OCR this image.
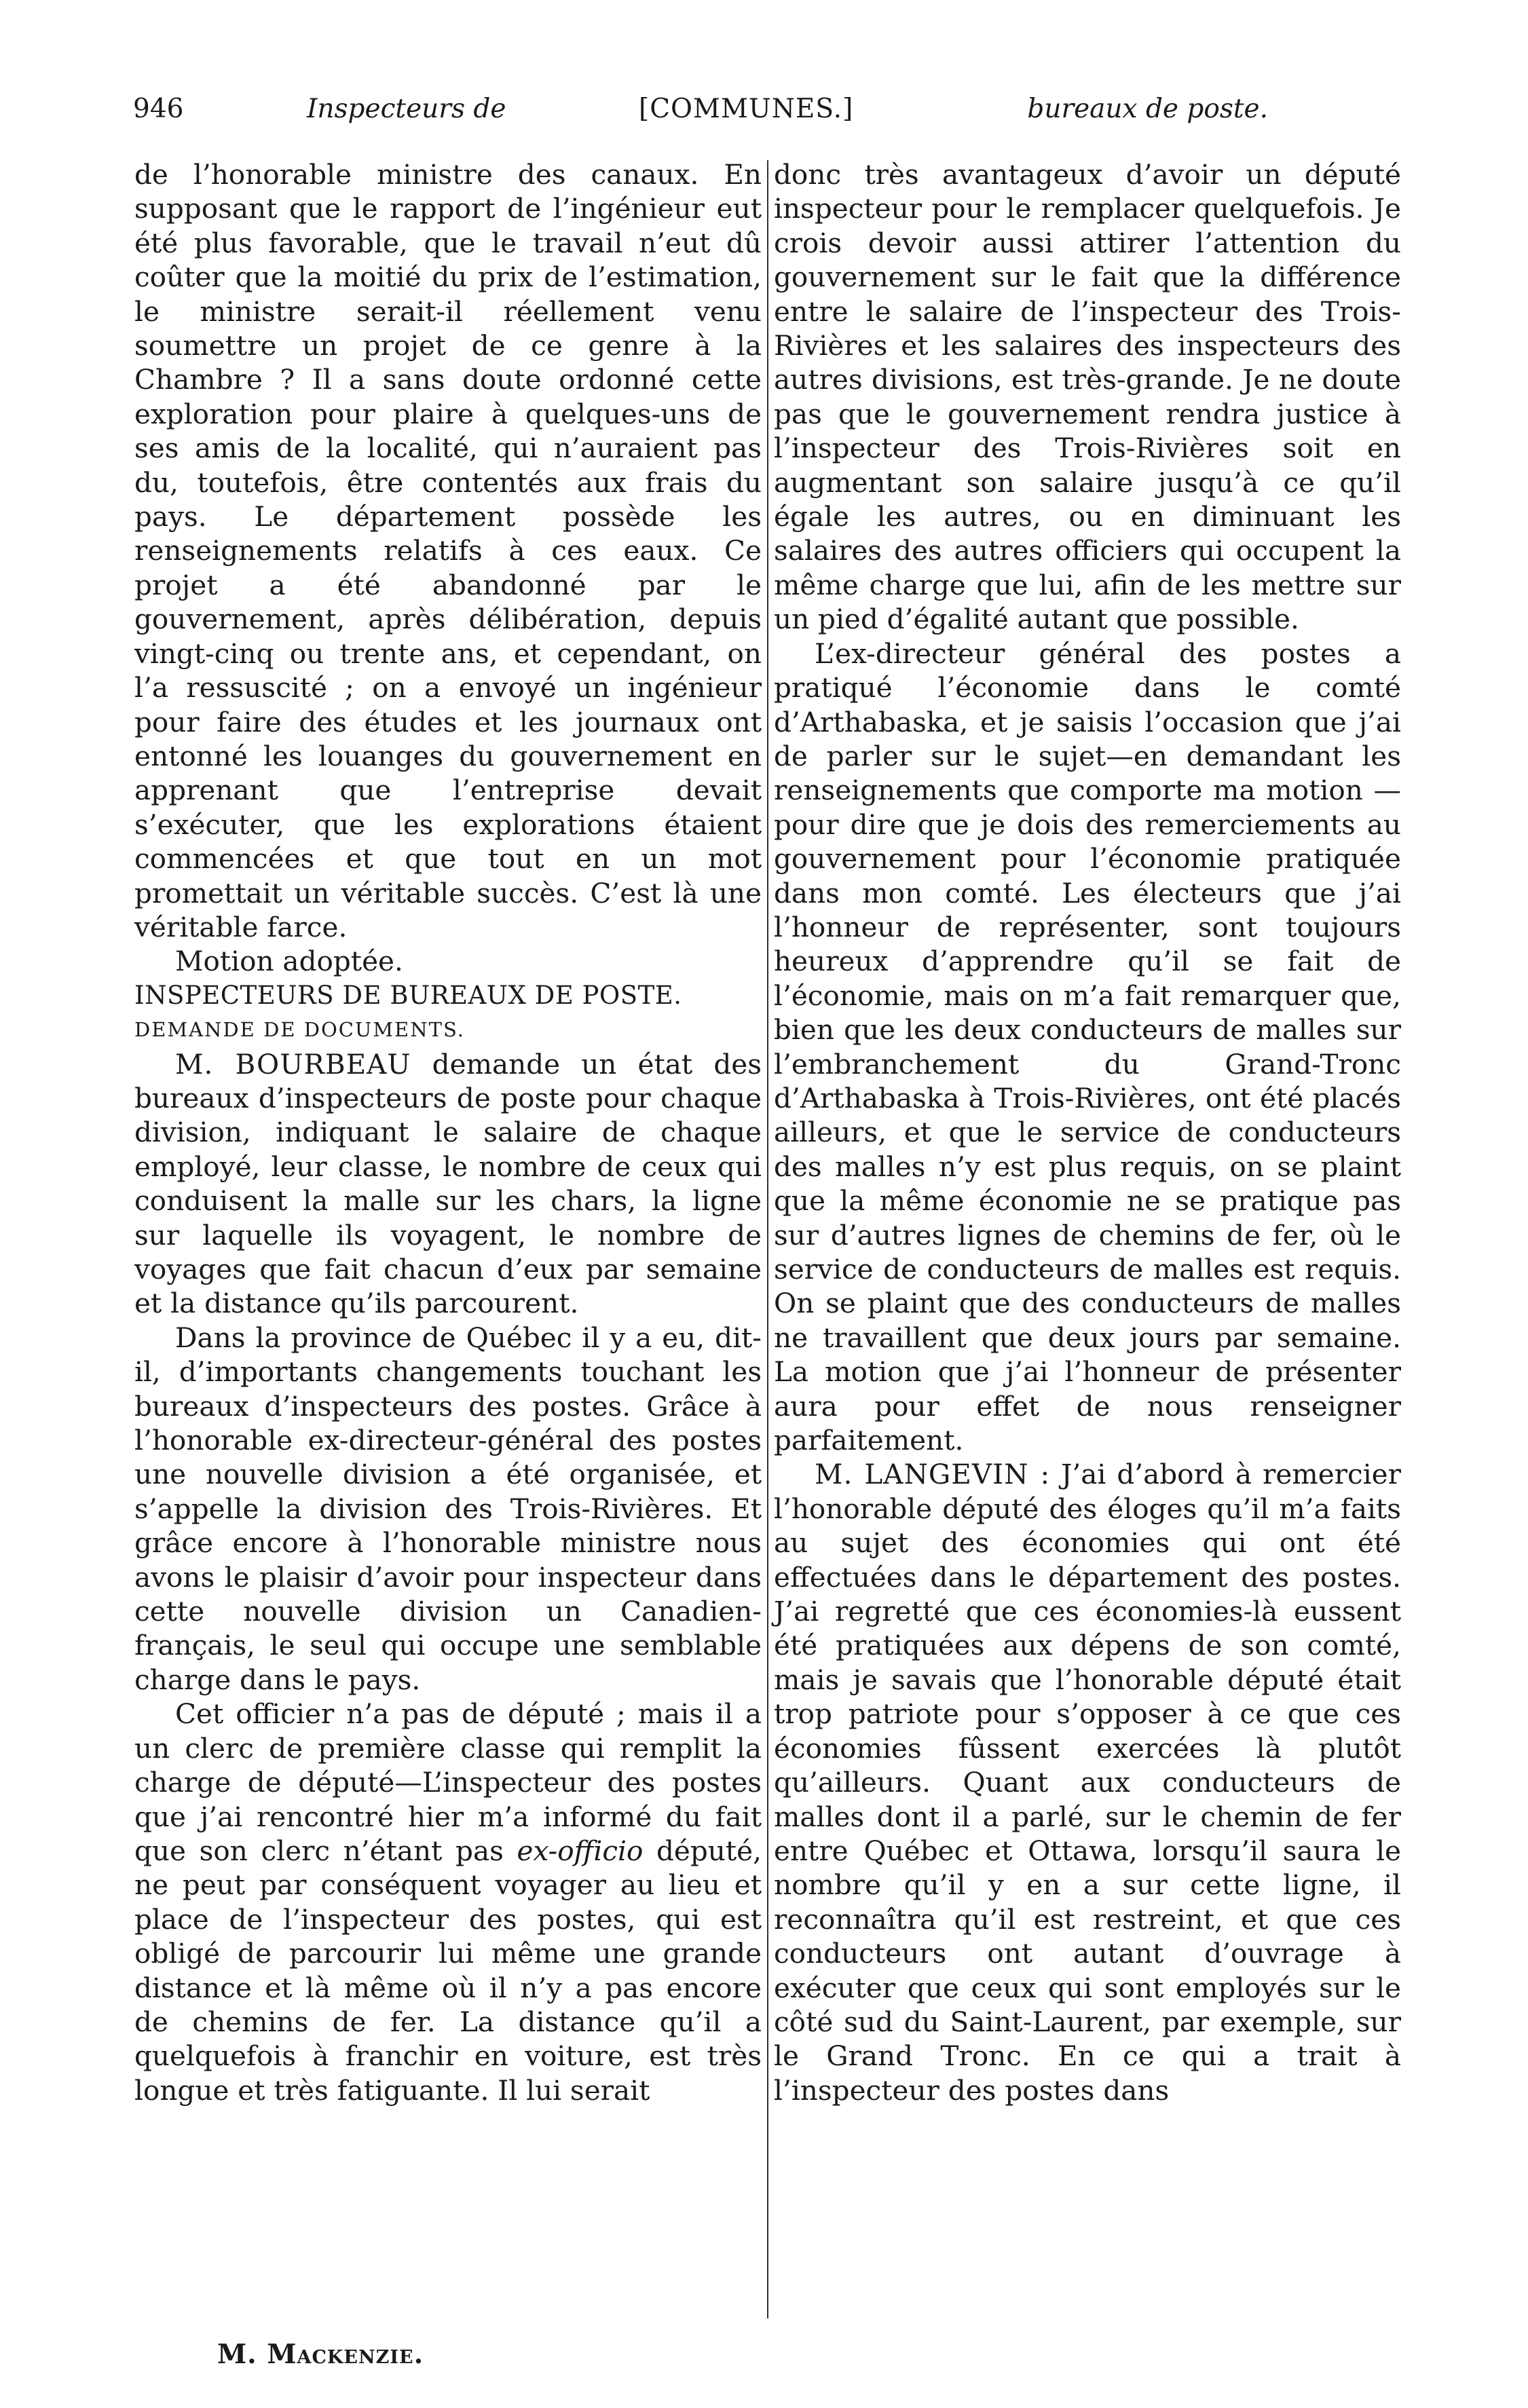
946	Inspecteurs de	[COMMUNES.]	bureaux de poste.

de l’honorable ministre des canaux. En supposant que le rapport de l’ingénieur eut été plus favorable, que le travail n’eut dû coûter que la moitié du prix de l’estimation, le ministre serait-il réellement venu soumettre un projet de ce genre à la Chambre ? Il a sans doute ordonné cette exploration pour plaire à quelques-uns de ses amis de la localité, qui n’auraient pas du, toutefois, être contentés aux frais du pays. Le département possède les renseignements relatifs à ces eaux. Ce projet a été abandonné par le gouvernement, après délibération, depuis vingt-cinq ou trente ans, et cependant, on l’a ressuscité ; on a envoyé un ingénieur pour faire des études et les journaux ont entonné les louanges du gouvernement en apprenant que l’entreprise devait s’exécuter, que les explorations étaient commencées et que tout en un mot promettait un véritable succès. C’est là une véritable farce.

Motion adoptée.

INSPECTEURS DE BUREAUX DE POSTE.

DEMANDE DE DOCUMENTS.

M. BOURBEAU demande un état des bureaux d’inspecteurs de poste pour chaque division, indiquant le salaire de chaque employé, leur classe, le nombre de ceux qui conduisent la malle sur les chars, la ligne sur laquelle ils voyagent, le nombre de voyages que fait chacun d’eux par semaine et la distance qu’ils parcourent.

Dans la province de Québec il y a eu, dit-il, d’importants changements touchant les bureaux d’inspecteurs des postes. Grâce à l’honorable ex-directeur-général des postes une nouvelle division a été organisée, et s’appelle la division des Trois-Rivières. Et grâce encore à l’honorable ministre nous avons le plaisir d’avoir pour inspecteur dans cette nouvelle division un Canadien-français, le seul qui occupe une semblable charge dans le pays.

Cet officier n’a pas de député ; mais il a un clerc de première classe qui remplit la charge de député—L’inspecteur des postes que j’ai rencontré hier m’a informé du fait que son clerc n’étant pas ex-officio député, ne peut par conséquent voyager au lieu et place de l’inspecteur des postes, qui est obligé de parcourir lui même une grande distance et là même où il n’y a pas encore de chemins de fer. La distance qu’il a quelquefois à franchir en voiture, est très longue et très fatiguante. Il lui serait

donc très avantageux d’avoir un député inspecteur pour le remplacer quelquefois. Je crois devoir aussi attirer l’attention du gouvernement sur le fait que la différence entre le salaire de l’inspecteur des Trois-Rivières et les salaires des inspecteurs des autres divisions, est très-grande. Je ne doute pas que le gouvernement rendra justice à l’inspecteur des Trois-Rivières soit en augmentant son salaire jusqu’à ce qu’il égale les autres, ou en diminuant les salaires des autres officiers qui occupent la même charge que lui, afin de les mettre sur un pied d’égalité autant que possible.

L’ex-directeur général des postes a pratiqué l’économie dans le comté d’Arthabaska, et je saisis l’occasion que j’ai de parler sur le sujet—en demandant les renseignements que comporte ma motion —pour dire que je dois des remerciements au gouvernement pour l’économie pratiquée dans mon comté. Les électeurs que j’ai l’honneur de représenter, sont toujours heureux d’apprendre qu’il se fait de l’économie, mais on m’a fait remarquer que, bien que les deux conducteurs de malles sur l’embranchement du Grand-Tronc d’Arthabaska à Trois-Rivières, ont été placés ailleurs, et que le service de conducteurs des malles n’y est plus requis, on se plaint que la même économie ne se pratique pas sur d’autres lignes de chemins de fer, où le service de conducteurs de malles est requis. On se plaint que des conducteurs de malles ne travaillent que deux jours par semaine. La motion que j’ai l’honneur de présenter aura pour effet de nous renseigner parfaitement.

M. LANGEVIN : J’ai d’abord à remercier l’honorable député des éloges qu’il m’a faits au sujet des économies qui ont été effectuées dans le département des postes. J’ai regretté que ces économies-là eussent été pratiquées aux dépens de son comté, mais je savais que l’honorable député était trop patriote pour s’opposer à ce que ces économies fûssent exercées là plutôt qu’ailleurs. Quant aux conducteurs de malles dont il a parlé, sur le chemin de fer entre Québec et Ottawa, lorsqu’il saura le nombre qu’il y en a sur cette ligne, il reconnaîtra qu’il est restreint, et que ces conducteurs ont autant d’ouvrage à exécuter que ceux qui sont employés sur le côté sud du Saint-Laurent, par exemple, sur le Grand Tronc. En ce qui a trait à l’inspecteur des postes dans

M. Mackenzie.
